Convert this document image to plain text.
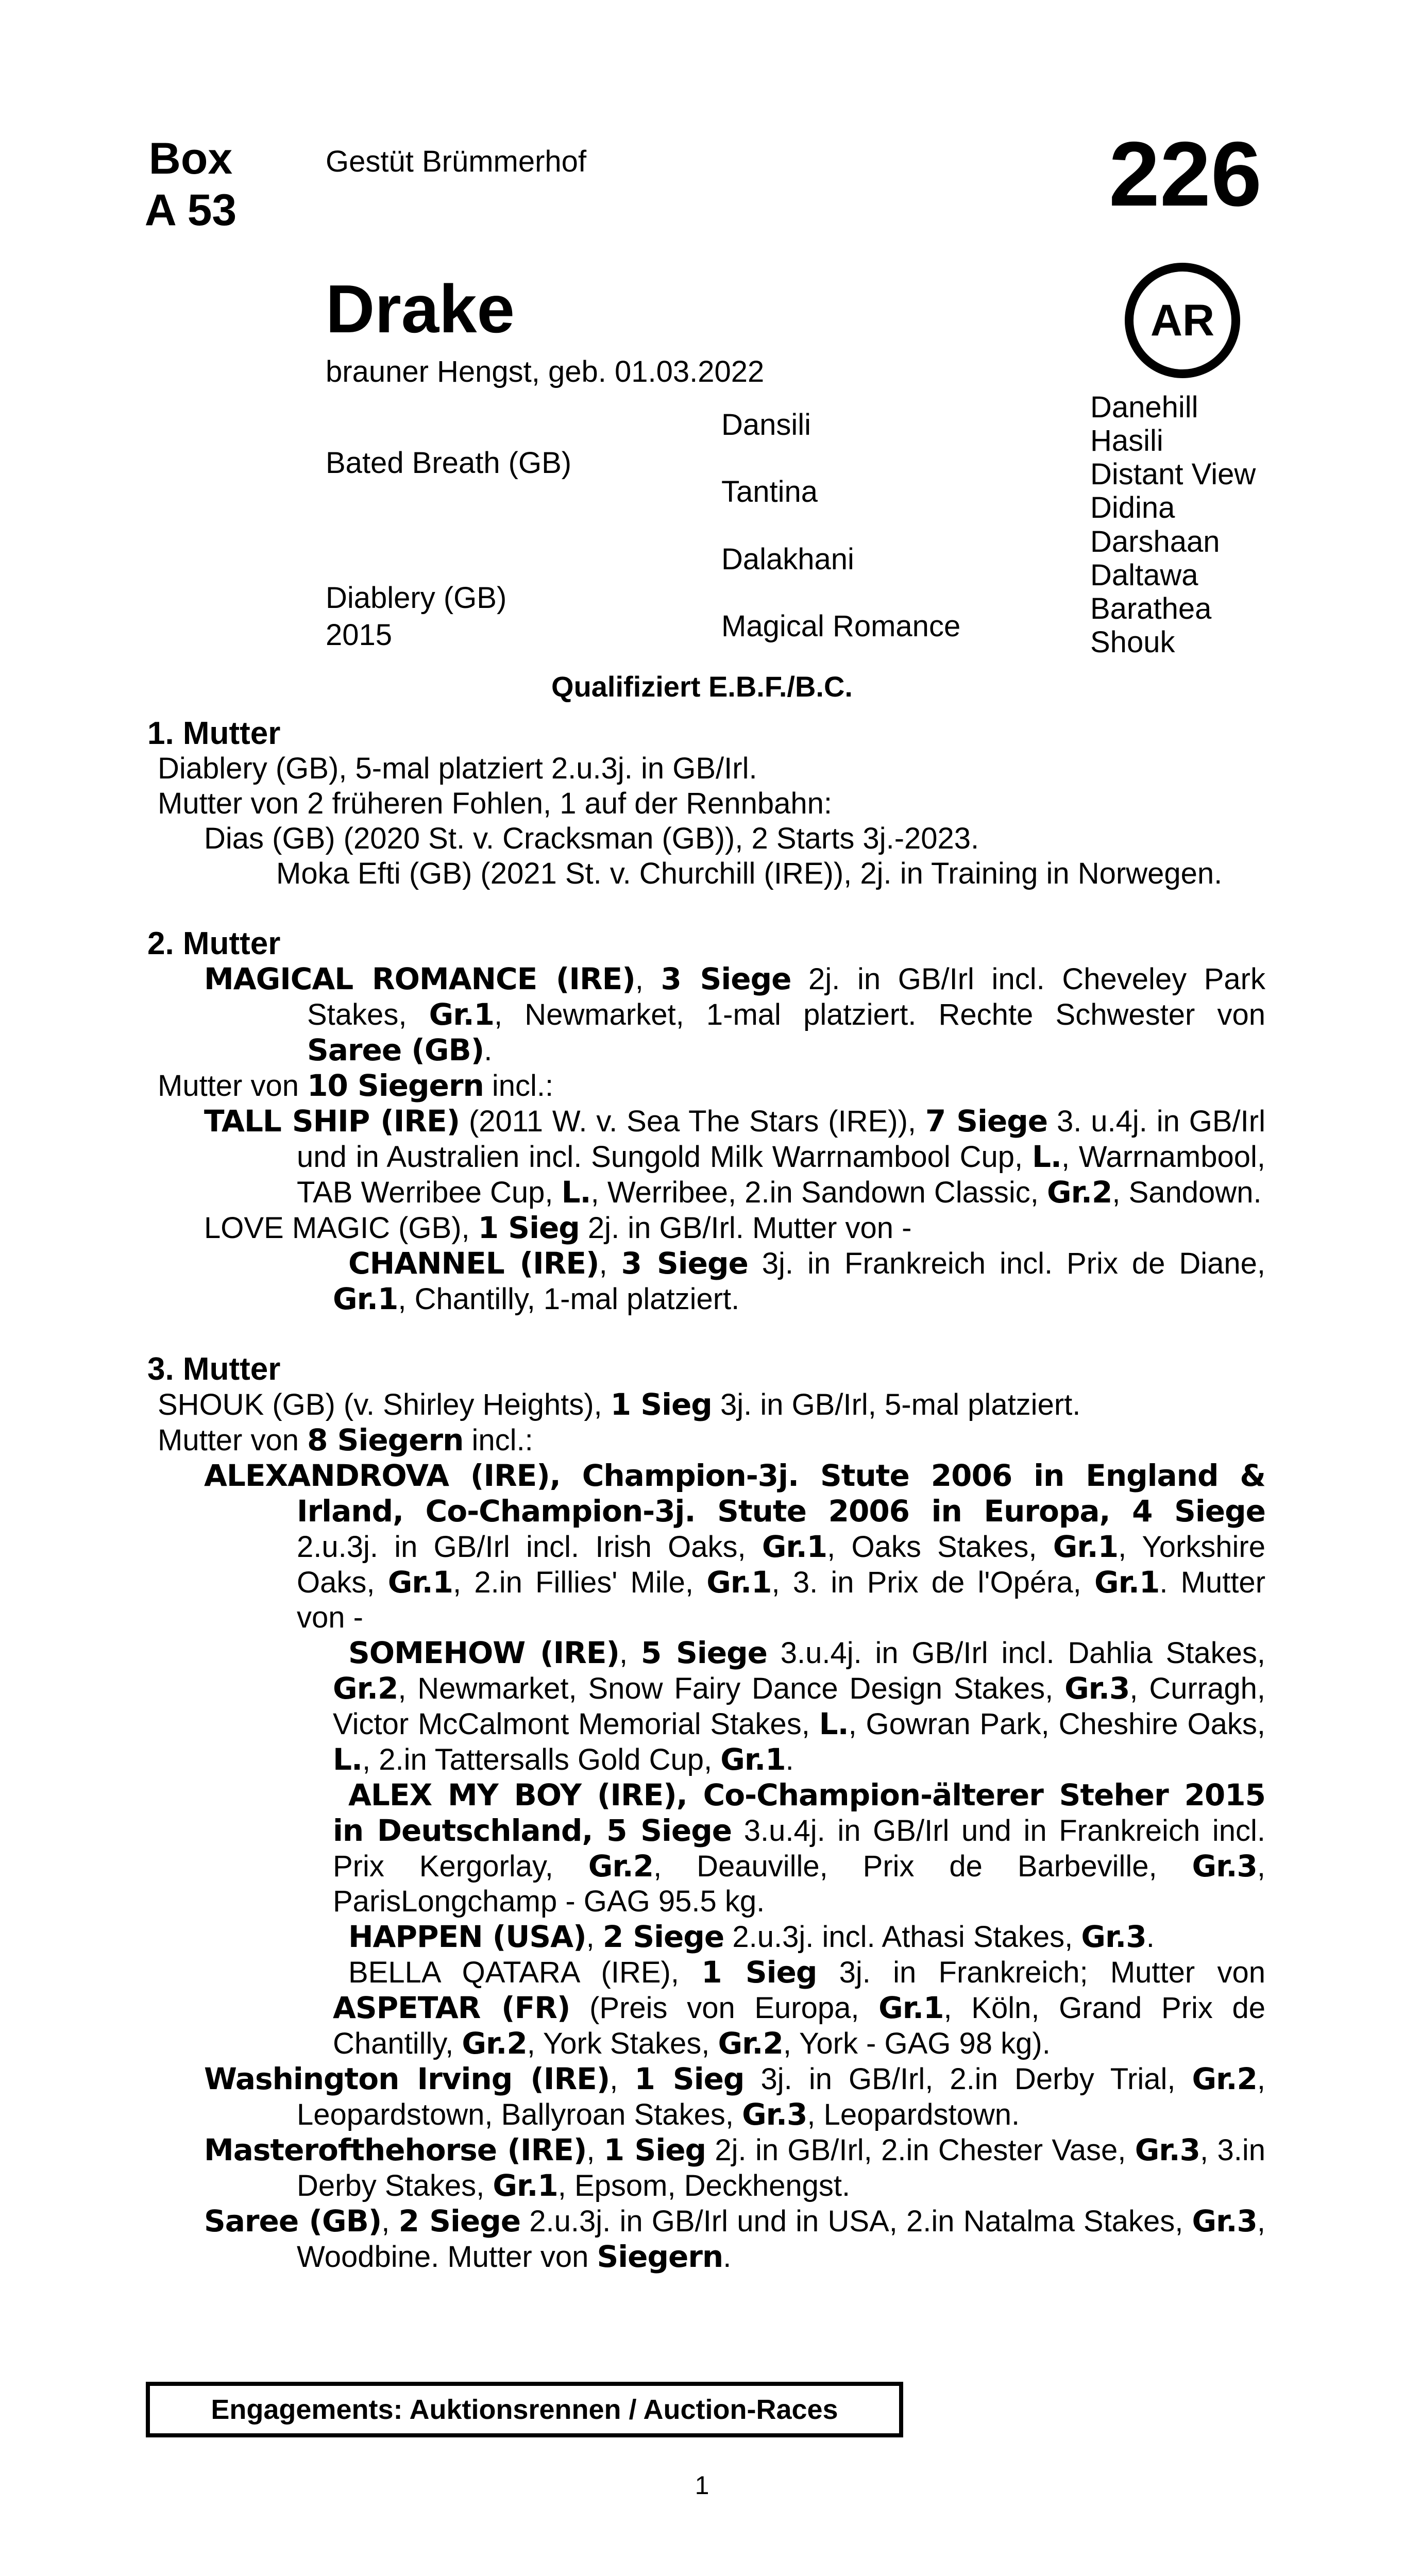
Box
A 53
Gestüt Brümmerhof	226
AR
Drake
brauner Hengst, geb. 01.03.2022
Bated Breath (GB)
Diablery (GB)
2015
Dansili
Tantina
Dalakhani
Magical Romance
Danehill
Hasili
Distant View
Didina
Darshaan
Daltawa
Barathea
Shouk
Qualifiziert E.B.F./B.C.
1. Mutter

Diablery (GB), 5-mal platziert 2.u.3j. in GB/Irl.

Mutter von 2 früheren Fohlen, 1 auf der Rennbahn:

Dias (GB) (2020 St. v. Cracksman (GB)), 2 Starts 3j.-2023.

Moka Efti (GB) (2021 St. v. Churchill (IRE)), 2j. in Training in Norwegen.

2. Mutter

MAGICAL ROMANCE (IRE), 3 Siege 2j. in GB/Irl incl. Cheveley Park Stakes, Gr.1, Newmarket, 1-mal platziert. Rechte Schwester von Saree (GB).

Mutter von 10 Siegern incl.:

TALL SHIP (IRE) (2011 W. v. Sea The Stars (IRE)), 7 Siege 3. u.4j. in GB/Irl und in Australien incl. Sungold Milk Warrnambool Cup, L., Warrnambool, TAB Werribee Cup, L., Werribee, 2.in Sandown Classic, Gr.2, Sandown.

LOVE MAGIC (GB), 1 Sieg 2j. in GB/Irl. Mutter von -

CHANNEL (IRE), 3 Siege 3j. in Frankreich incl. Prix de Diane, Gr.1, Chantilly, 1-mal platziert.

3. Mutter

SHOUK (GB) (v. Shirley Heights), 1 Sieg 3j. in GB/Irl, 5-mal platziert.

Mutter von 8 Siegern incl.:

ALEXANDROVA (IRE), Champion-3j. Stute 2006 in England & Irland, Co-Champion-3j. Stute 2006 in Europa, 4 Siege 2.u.3j. in GB/Irl incl. Irish Oaks, Gr.1, Oaks Stakes, Gr.1, Yorkshire Oaks, Gr.1, 2.in Fillies' Mile, Gr.1, 3. in Prix de l'Opéra, Gr.1. Mutter von -

SOMEHOW (IRE), 5 Siege 3.u.4j. in GB/Irl incl. Dahlia Stakes, Gr.2, Newmarket, Snow Fairy Dance Design Stakes, Gr.3, Curragh, Victor McCalmont Memorial Stakes, L., Gowran Park, Cheshire Oaks, L., 2.in Tattersalls Gold Cup, Gr.1.

ALEX MY BOY (IRE), Co-Champion-älterer Steher 2015 in Deutschland, 5 Siege 3.u.4j. in GB/Irl und in Frankreich incl. Prix Kergorlay, Gr.2, Deauville, Prix de Barbeville, Gr.3, ParisLongchamp - GAG 95.5 kg.

HAPPEN (USA), 2 Siege 2.u.3j. incl. Athasi Stakes, Gr.3.

BELLA QATARA (IRE), 1 Sieg 3j. in Frankreich; Mutter von ASPETAR (FR) (Preis von Europa, Gr.1, Köln, Grand Prix de Chantilly, Gr.2, York Stakes, Gr.2, York - GAG 98 kg).

Washington Irving (IRE), 1 Sieg 3j. in GB/Irl, 2.in Derby Trial, Gr.2, Leopardstown, Ballyroan Stakes, Gr.3, Leopardstown.

Masterofthehorse (IRE), 1 Sieg 2j. in GB/Irl, 2.in Chester Vase, Gr.3, 3.in Derby Stakes, Gr.1, Epsom, Deckhengst.

Saree (GB), 2 Siege 2.u.3j. in GB/Irl und in USA, 2.in Natalma Stakes, Gr.3, Woodbine. Mutter von Siegern.

Engagements: Auktionsrennen / Auction-Races
1
